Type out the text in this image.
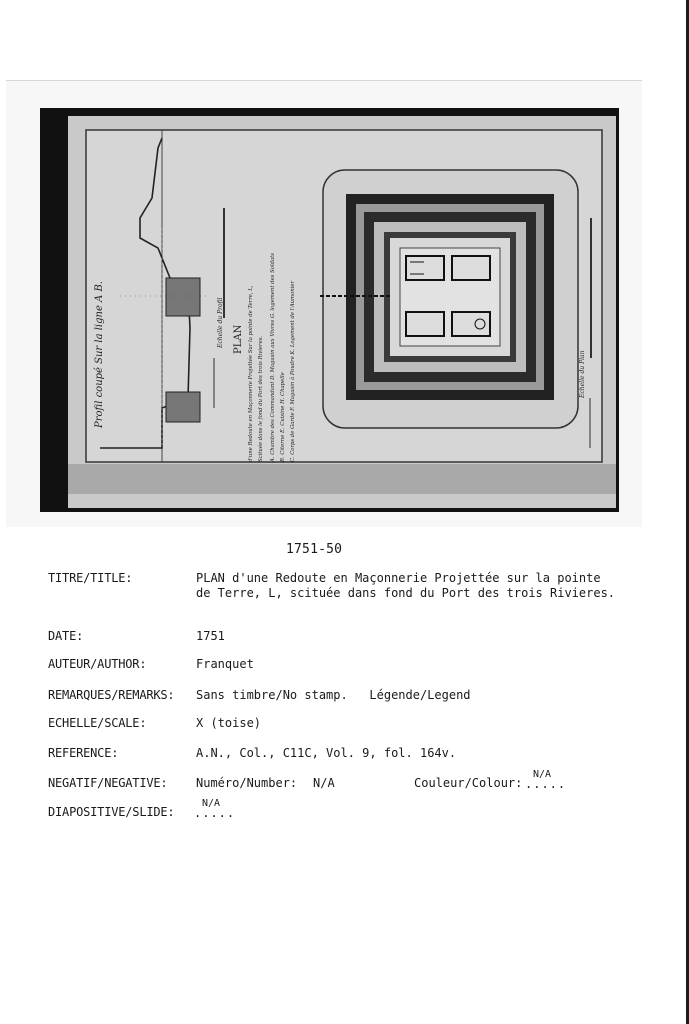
Profil coupé Sur la ligne A B.	Echelle du Profil PLAN d'une Redoute en Maçonnerie Projettée Sur la pointe de Terre, L, Scituée dans le fond du Port des trois Rivieres. A. Chambre des Commandant D. Magasin aux Vivres G. logement des Soldats B. Citerne E. Cuisine H. Chapelle C. Corps de Garde F. Magasin à Poudre K. Logement de l'Aumonier	Echelle du Plan
1751-50
TITRE/TITLE:	PLAN d'une Redoute en Maçonnerie Projettée sur la pointe de Terre, L, scituée dans fond du Port des trois Rivieres.
DATE:	1751
AUTEUR/AUTHOR:	Franquet
REMARQUES/REMARKS: Sans timbre/No stamp.   Légende/Legend
ECHELLE/SCALE:	X (toise)
REFERENCE:	A.N., Col., C11C, Vol. 9, fol. 164v.
NEGATIF/NEGATIVE: Numéro/Number: N/A	Couleur/Colour:
N/A
.....
DIAPOSITIVE/SLIDE:
N/A
.....
